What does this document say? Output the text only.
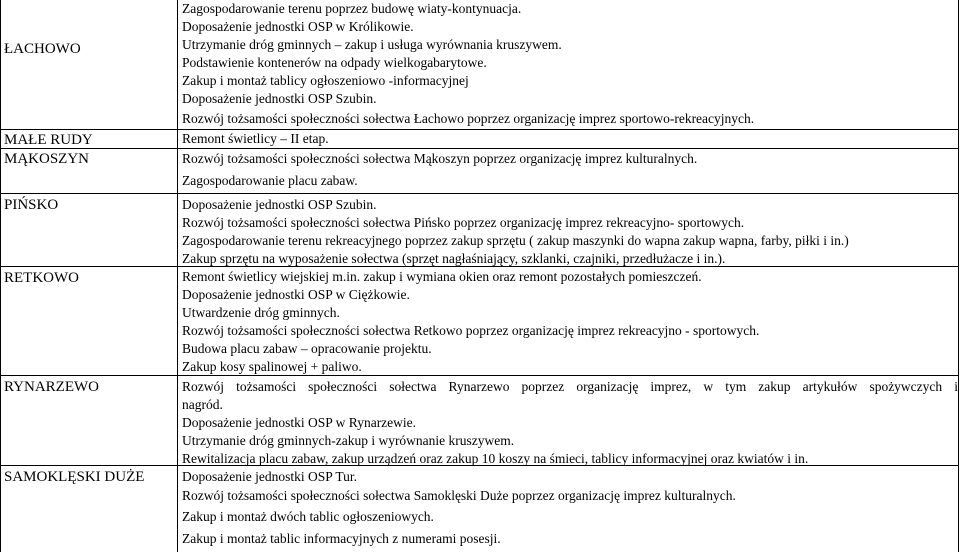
ŁACHOWO
MAŁE RUDY
MĄKOSZYN
PIŃSKO
RETKOWO
RYNARZEWO
SAMOKLĘSKI DUŻE
Zagospodarowanie terenu poprzez budowę wiaty-kontynuacja.
Doposażenie jednostki OSP w Królikowie.
Utrzymanie dróg gminnych – zakup i usługa wyrównania kruszywem.
Podstawienie kontenerów na odpady wielkogabarytowe.
Zakup i montaż tablicy ogłoszeniowo -informacyjnej
Doposażenie jednostki OSP Szubin.
Rozwój tożsamości społeczności sołectwa Łachowo poprzez organizację imprez sportowo-rekreacyjnych.
Remont świetlicy – II etap.
Rozwój tożsamości społeczności sołectwa Mąkoszyn poprzez organizację imprez kulturalnych.
Zagospodarowanie placu zabaw.
Doposażenie jednostki OSP Szubin.
Rozwój tożsamości społeczności sołectwa Pińsko poprzez organizację imprez rekreacyjno- sportowych.
Zagospodarowanie terenu rekreacyjnego poprzez zakup sprzętu ( zakup maszynki do wapna zakup wapna, farby, piłki i in.)
Zakup sprzętu na wyposażenie sołectwa (sprzęt nagłaśniający, szklanki, czajniki, przedłużacze i in.).
Remont świetlicy wiejskiej m.in. zakup i wymiana okien oraz remont pozostałych pomieszczeń.
Doposażenie jednostki OSP w Ciężkowie.
Utwardzenie dróg gminnych.
Rozwój tożsamości społeczności sołectwa Retkowo poprzez organizację imprez rekreacyjno - sportowych.
Budowa placu zabaw – opracowanie projektu.
Zakup kosy spalinowej + paliwo.
Rozwój tożsamości społeczności sołectwa Rynarzewo poprzez organizację imprez, w tym zakup artykułów spożywczych i
nagród.
Doposażenie jednostki OSP w Rynarzewie.
Utrzymanie dróg gminnych-zakup i wyrównanie kruszywem.
Rewitalizacja placu zabaw, zakup urządzeń oraz zakup 10 koszy na śmieci, tablicy informacyjnej oraz kwiatów i in.
Doposażenie jednostki OSP Tur.
Rozwój tożsamości społeczności sołectwa Samoklęski Duże poprzez organizację imprez kulturalnych.
Zakup i montaż dwóch tablic ogłoszeniowych.
Zakup i montaż tablic informacyjnych z numerami posesji.
